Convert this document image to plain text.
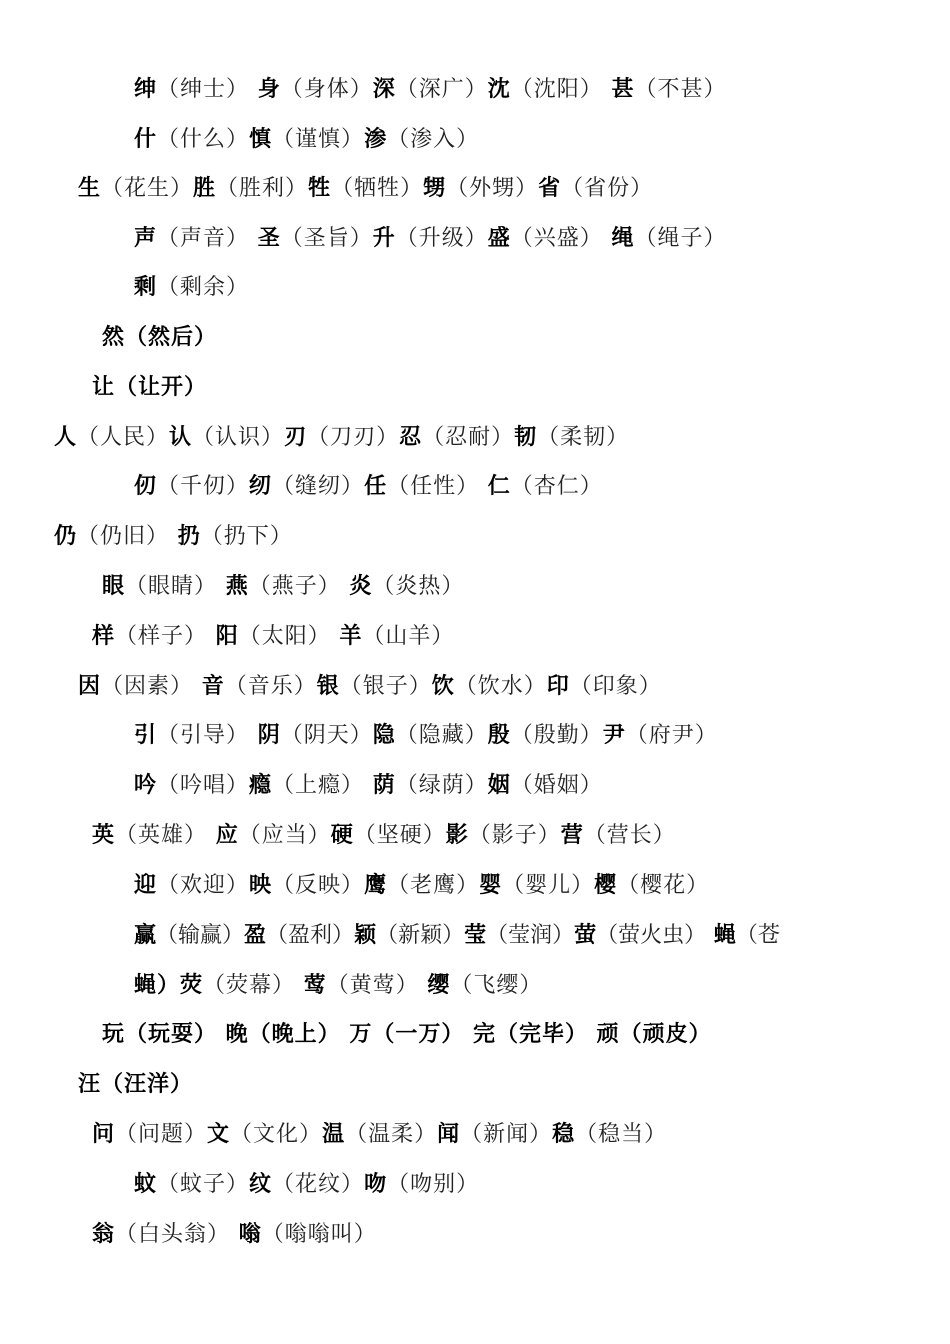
绅（绅士） 身（身体）深（深广）沈（沈阳） 甚（不甚）
什（什么）慎（谨慎）渗（渗入）
生（花生）胜（胜利）牲（牺牲）甥（外甥）省（省份）
声（声音） 圣（圣旨）升（升级）盛（兴盛） 绳（绳子）
剩（剩余）
然（然后）
让（让开）
人（人民）认（认识）刃（刀刃）忍（忍耐）韧（柔韧）
仞（千仞）纫（缝纫）任（任性） 仁（杏仁）
仍（仍旧） 扔（扔下）
眼（眼睛） 燕（燕子） 炎（炎热）
样（样子） 阳（太阳） 羊（山羊）
因（因素） 音（音乐）银（银子）饮（饮水）印（印象）
引（引导） 阴（阴天）隐（隐藏）殷（殷勤）尹（府尹）
吟（吟唱）瘾（上瘾） 荫（绿荫）姻（婚姻）
英（英雄） 应（应当）硬（坚硬）影（影子）营（营长）
迎（欢迎）映（反映）鹰（老鹰）婴（婴儿）樱（樱花）
赢（输赢）盈（盈利）颖（新颖）莹（莹润）萤（萤火虫） 蝇（苍
蝇）荧（荧幕） 莺（黄莺） 缨（飞缨）
玩（玩耍） 晚（晚上） 万（一万） 完（完毕） 顽（顽皮）
汪（汪洋）
问（问题）文（文化）温（温柔）闻（新闻）稳（稳当）
蚊（蚊子）纹（花纹）吻（吻别）
翁（白头翁） 嗡（嗡嗡叫）
